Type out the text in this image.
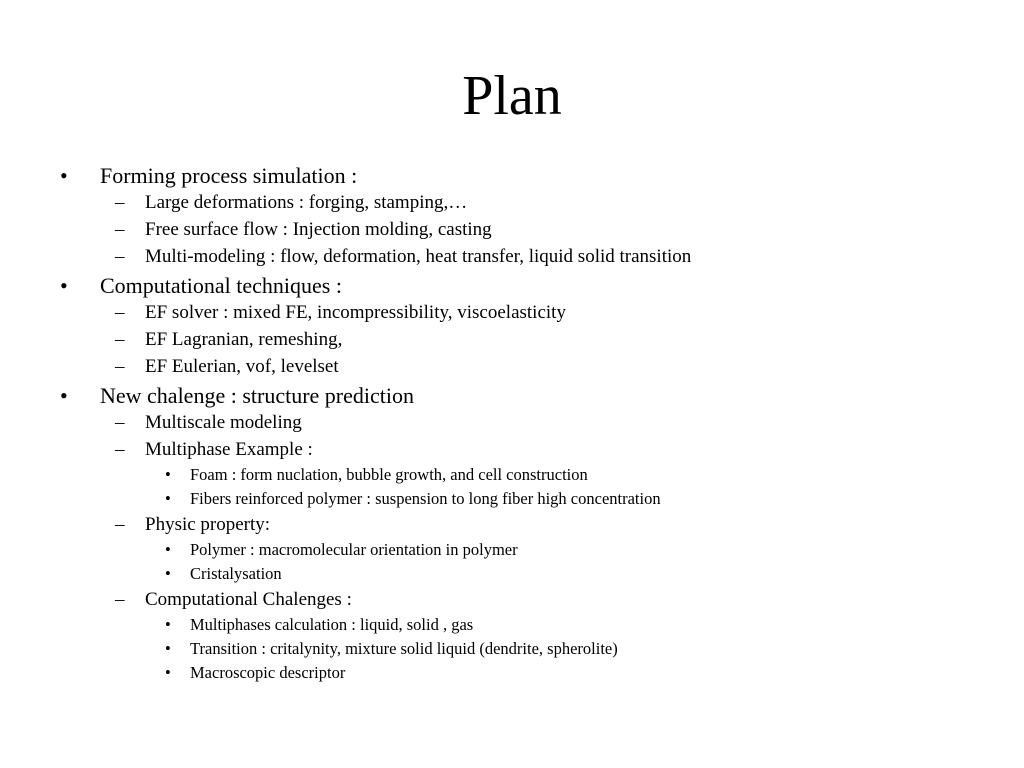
Plan
• Forming process simulation :
– Large deformations : forging, stamping,…
– Free surface flow : Injection molding, casting
– Multi-modeling : flow, deformation, heat transfer, liquid solid transition
• Computational techniques :
– EF solver : mixed FE, incompressibility, viscoelasticity
– EF Lagranian, remeshing,
– EF Eulerian, vof, levelset
• New chalenge : structure prediction
– Multiscale modeling
– Multiphase Example :
• Foam : form nuclation, bubble growth, and cell construction
• Fibers reinforced polymer : suspension to long fiber high concentration
– Physic property:
• Polymer : macromolecular orientation in polymer
• Cristalysation
– Computational Chalenges :
• Multiphases calculation : liquid, solid , gas
• Transition : critalynity, mixture solid liquid (dendrite, spherolite)
• Macroscopic descriptor
